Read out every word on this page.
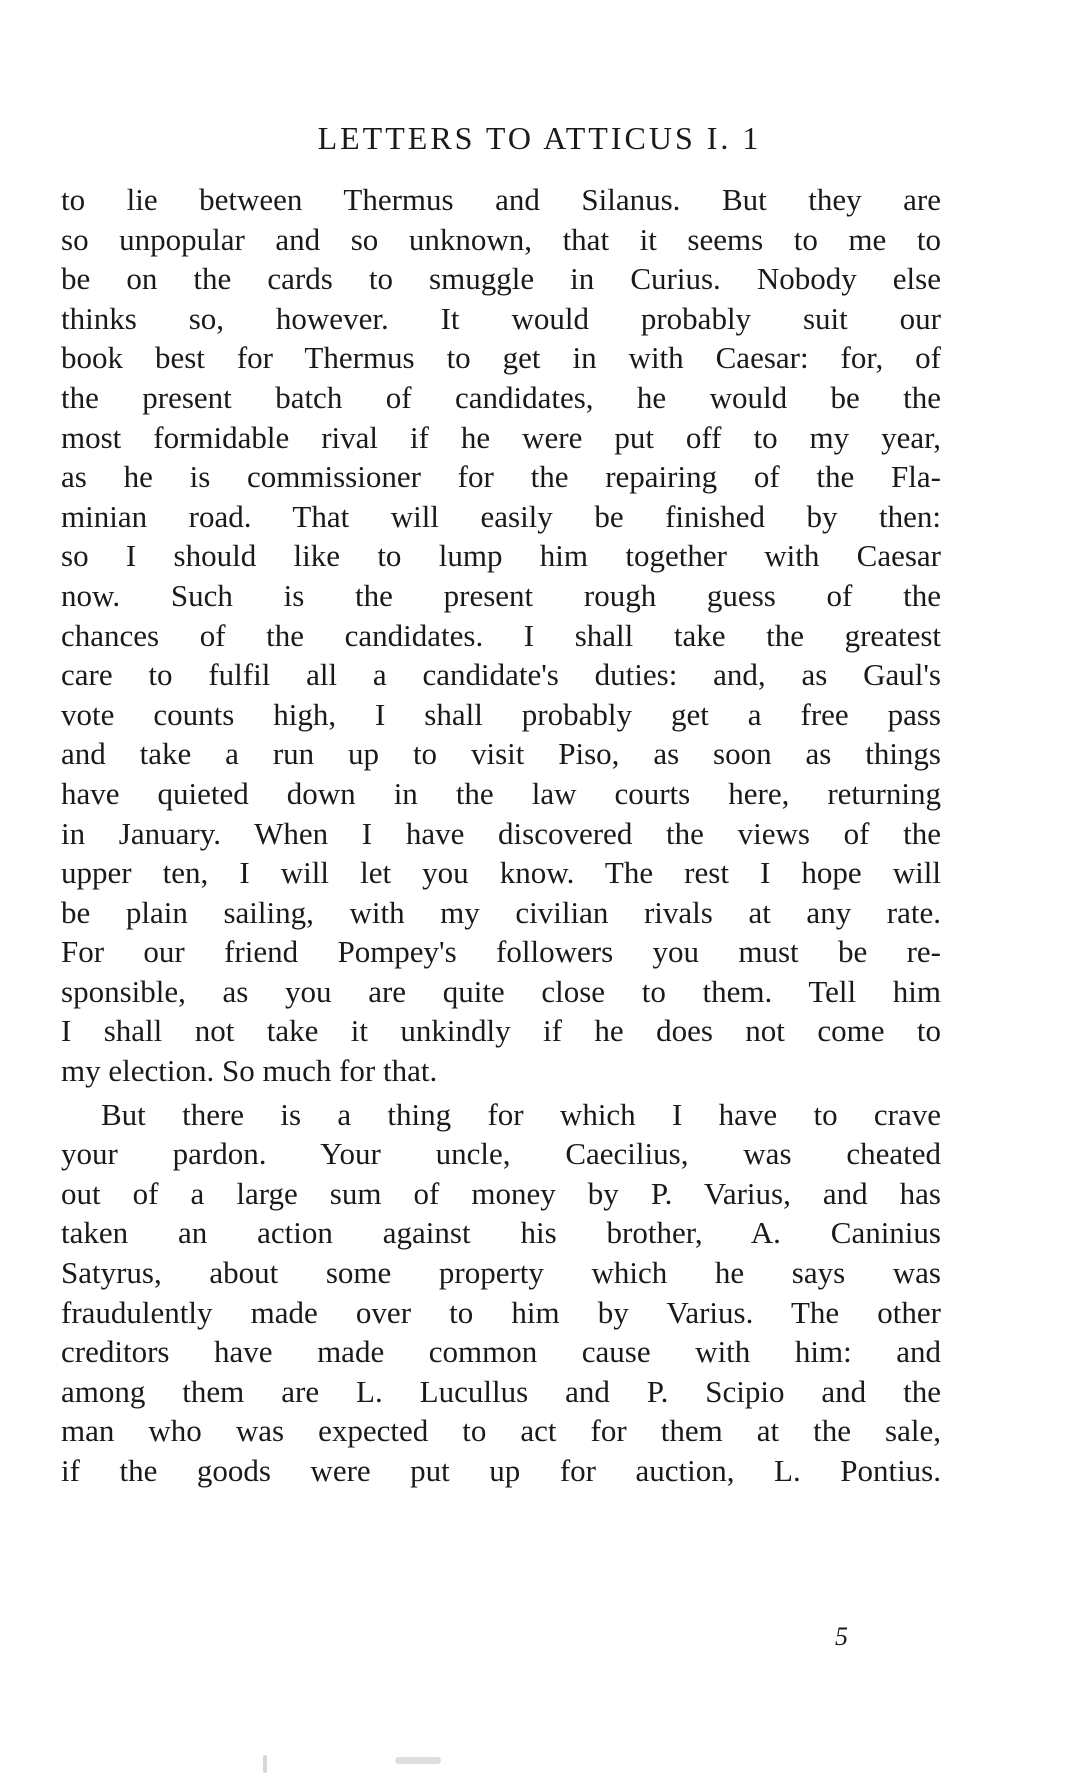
LETTERS TO ATTICUS I. 1
to lie between Thermus and Silanus. But they are
so unpopular and so unknown, that it seems to me to
be on the cards to smuggle in Curius. Nobody else
thinks so, however. It would probably suit our
book best for Thermus to get in with Caesar: for, of
the present batch of candidates, he would be the
most formidable rival if he were put off to my year,
as he is commissioner for the repairing of the Fla-
minian road. That will easily be finished by then:
so I should like to lump him together with Caesar
now. Such is the present rough guess of the
chances of the candidates. I shall take the greatest
care to fulfil all a candidate's duties: and, as Gaul's
vote counts high, I shall probably get a free pass
and take a run up to visit Piso, as soon as things
have quieted down in the law courts here, returning
in January. When I have discovered the views of the
upper ten, I will let you know. The rest I hope will
be plain sailing, with my civilian rivals at any rate.
For our friend Pompey's followers you must be re-
sponsible, as you are quite close to them. Tell him
I shall not take it unkindly if he does not come to
my election. So much for that.
But there is a thing for which I have to crave
your pardon. Your uncle, Caecilius, was cheated
out of a large sum of money by P. Varius, and has
taken an action against his brother, A. Caninius
Satyrus, about some property which he says was
fraudulently made over to him by Varius. The other
creditors have made common cause with him: and
among them are L. Lucullus and P. Scipio and the
man who was expected to act for them at the sale,
if the goods were put up for auction, L. Pontius.
5
